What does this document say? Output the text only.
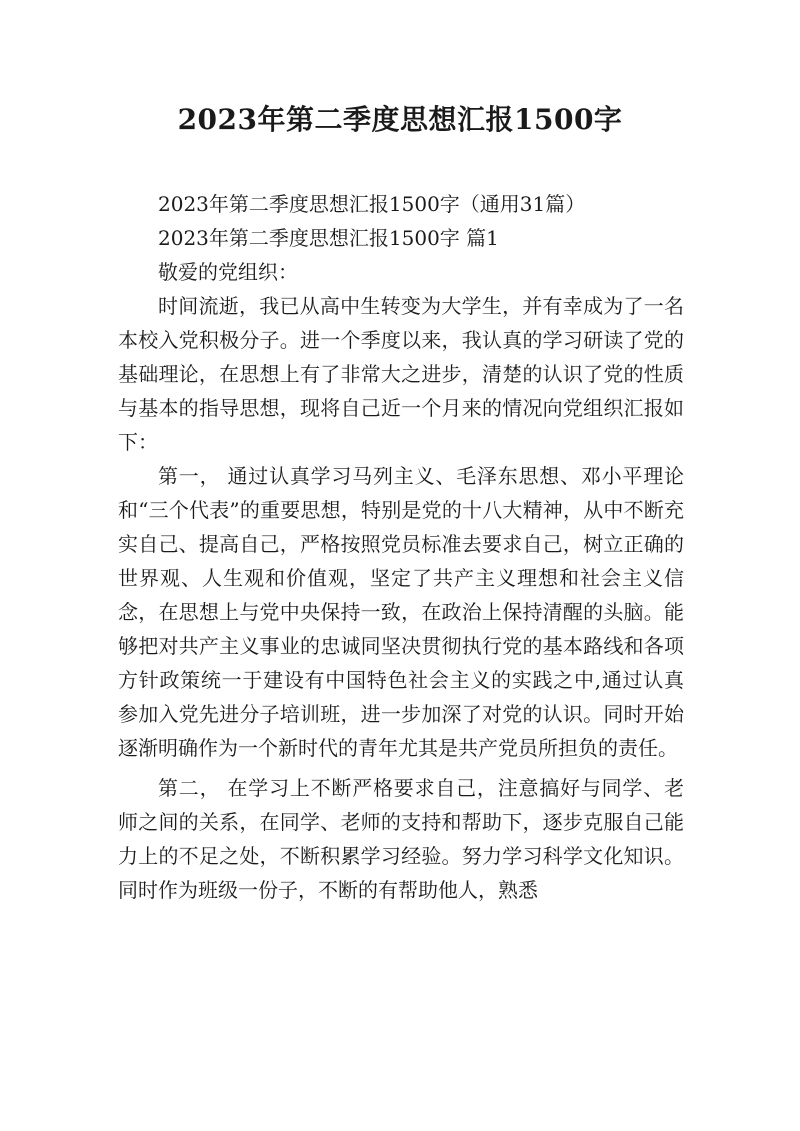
2023年第二季度思想汇报1500字

2023年第二季度思想汇报1500字（通用31篇）

2023年第二季度思想汇报1500字 篇1

敬爱的党组织：

时间流逝，我已从高中生转变为大学生，并有幸成为了一名本校入党积极分子。进一个季度以来，我认真的学习研读了党的基础理论，在思想上有了非常大之进步，清楚的认识了党的性质与基本的指导思想，现将自己近一个月来的情况向党组织汇报如下：

第一， 通过认真学习马列主义、毛泽东思想、邓小平理论和“三个代表”的重要思想，特别是党的十八大精神，从中不断充实自己、提高自己，严格按照党员标准去要求自己，树立正确的世界观、人生观和价值观，坚定了共产主义理想和社会主义信念，在思想上与党中央保持一致，在政治上保持清醒的头脑。能够把对共产主义事业的忠诚同坚决贯彻执行党的基本路线和各项方针政策统一于建设有中国特色社会主义的实践之中,通过认真参加入党先进分子培训班，进一步加深了对党的认识。同时开始逐渐明确作为一个新时代的青年尤其是共产党员所担负的责任。

第二， 在学习上不断严格要求自己，注意搞好与同学、老师之间的关系，在同学、老师的支持和帮助下，逐步克服自己能力上的不足之处，不断积累学习经验。努力学习科学文化知识。同时作为班级一份子，不断的有帮助他人，熟悉
